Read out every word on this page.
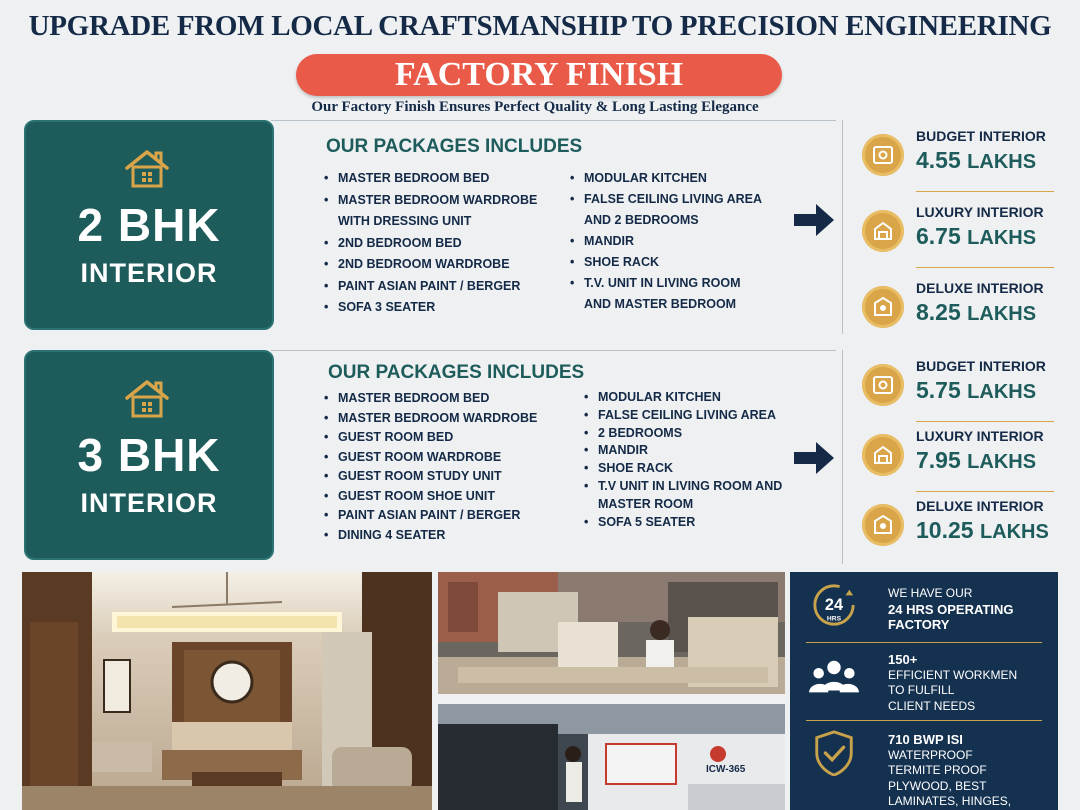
UPGRADE FROM LOCAL CRAFTSMANSHIP TO PRECISION ENGINEERING
FACTORY FINISH
Our Factory Finish Ensures Perfect Quality & Long Lasting Elegance
2 BHK
INTERIOR
OUR PACKAGES INCLUDES
• MASTER BEDROOM BED
• MASTER BEDROOM WARDROBE WITH DRESSING UNIT
• 2ND BEDROOM BED
• 2ND BEDROOM WARDROBE
• PAINT ASIAN PAINT / BERGER
• SOFA 3 SEATER
• MODULAR KITCHEN
• FALSE CEILING LIVING AREA AND 2 BEDROOMS
• MANDIR
• SHOE RACK
• T.V. UNIT IN LIVING ROOM AND MASTER BEDROOM
BUDGET INTERIOR
4.55 LAKHS
LUXURY INTERIOR
6.75 LAKHS
DELUXE INTERIOR
8.25 LAKHS
3 BHK
INTERIOR
OUR PACKAGES INCLUDES
• MASTER BEDROOM BED
• MASTER BEDROOM WARDROBE
• GUEST ROOM BED
• GUEST ROOM WARDROBE
• GUEST ROOM STUDY UNIT
• GUEST ROOM SHOE UNIT
• PAINT ASIAN PAINT / BERGER
• DINING 4 SEATER
• MODULAR KITCHEN
• FALSE CEILING LIVING AREA
• 2 BEDROOMS
• MANDIR
• SHOE RACK
• T.V UNIT IN LIVING ROOM AND MASTER ROOM
• SOFA 5 SEATER
BUDGET INTERIOR
5.75 LAKHS
LUXURY INTERIOR
7.95 LAKHS
DELUXE INTERIOR
10.25 LAKHS
ICW-365
24
HRS
WE HAVE OUR
24 HRS OPERATING
FACTORY
150+
EFFICIENT WORKMEN
TO FULFILL
CLIENT NEEDS
710 BWP ISI
WATERPROOF
TERMITE PROOF
PLYWOOD, BEST
LAMINATES, HINGES,
